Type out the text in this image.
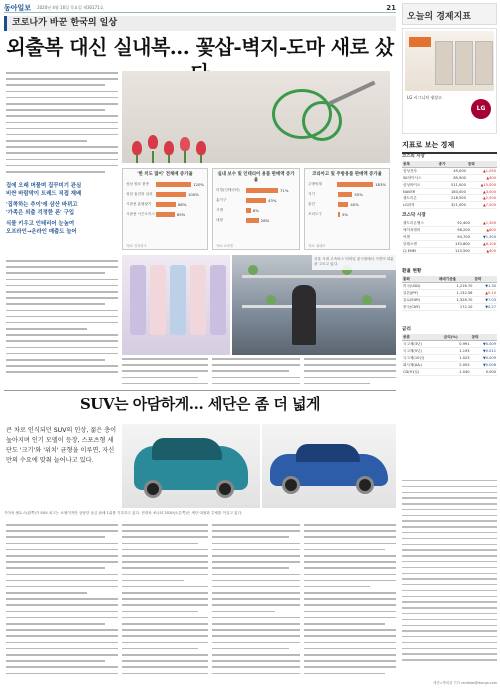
동아일보 2020년 4월 16일 목요일 제30171호	21
코로나가 바꾼 한국의 일상
외출복 대신 실내복… 꽃삽-벽지-도마 새로 샀
집에 오래 머물며 집꾸미기 관심
비싼 바람막이 트레드 직접 재배
'집콕하는 추이'에 삼산 바뀌고
'가족은 외출 걱정한 폰' 구입
식물 키우고 인테리어 눈높여
오프라인→온라인 매출도 늘어
'한 끼도 많이' 전체매 증가율
성남 원료 품종	120%
성남 홈진화 실외	100%
시판용 홈템릿기	68%
시판용 시즌오이스	65%
자료: 인터파크
실내 보수 및 인테리어 용품 판매액 증가율
리빙(인테리어)	71%
홈기구	43%
시계	8%
내장	28%
자료: G마켓
코리아고 및 주방용품 판매액 증가율
주방비계	183%
식기	55%
물건	40%
조리도구	5%
자료: 위메프
서울 시내 고속버스 터미널 꽃시장에서 시민이 화분을 고르고 있다.
SUV는 아담하게… 세단은 좀 더 넓게
큰 차로 인식되던 SUV의 인상, 젊은 층이 높아지며 인기 모델이 등장, 스포츠형 세단도 '크기'와 '위치' 균형을 이루면, 자신만의 수요에 맞춰 늘어나고 있다.
기아차 셀토스(왼쪽)가 SUV 치고는 소형이지만 상당한 동급 판매 1위를 기록하고 있다. 현대차 쏘나타 2020(오른쪽)은 세단 대형화 추세를 이끌고 있다.
오늘의 경제지표
LG 시그니처 냉장고
LG
지표로 보는 경제
코스피 시장
종목	종가	등락
삼성전자	49,000	▲1,050
SK하이닉스	85,900	▲400
삼성바이오	511,000	▲15,000
NAVER	180,000	▲3,000
셀트리온	218,500	▲2,500
LG화학	321,000	▲7,500
코스닥 시장
셀트리온헬스	92,400	▲1,300
에이치엘비	98,200	▲600
씨젠	94,700	▼1,300
알테오젠	133,800	▲6,100
CJ ENM	113,500	▲400
환율 현황
통화	매매기준율	등락
미국(USD)	1,216.70	▼1.30
일본(JPY)	1,132.56	▲5.10
유로(EUR)	1,328.70	▼7.03
중국(CNY)	172.10	▼0.27
금리
종류	금리(%)	등락
국고채(3년)	0.991	▼0.009
국고채(5년)	1.193	▼0.011
국고채(10년)	1.523	▼0.009
회사채(AA-)	2.003	▼0.006
CD(91일)	1.040	0.000
세종=박희창 기자 ramblas@donga.com
